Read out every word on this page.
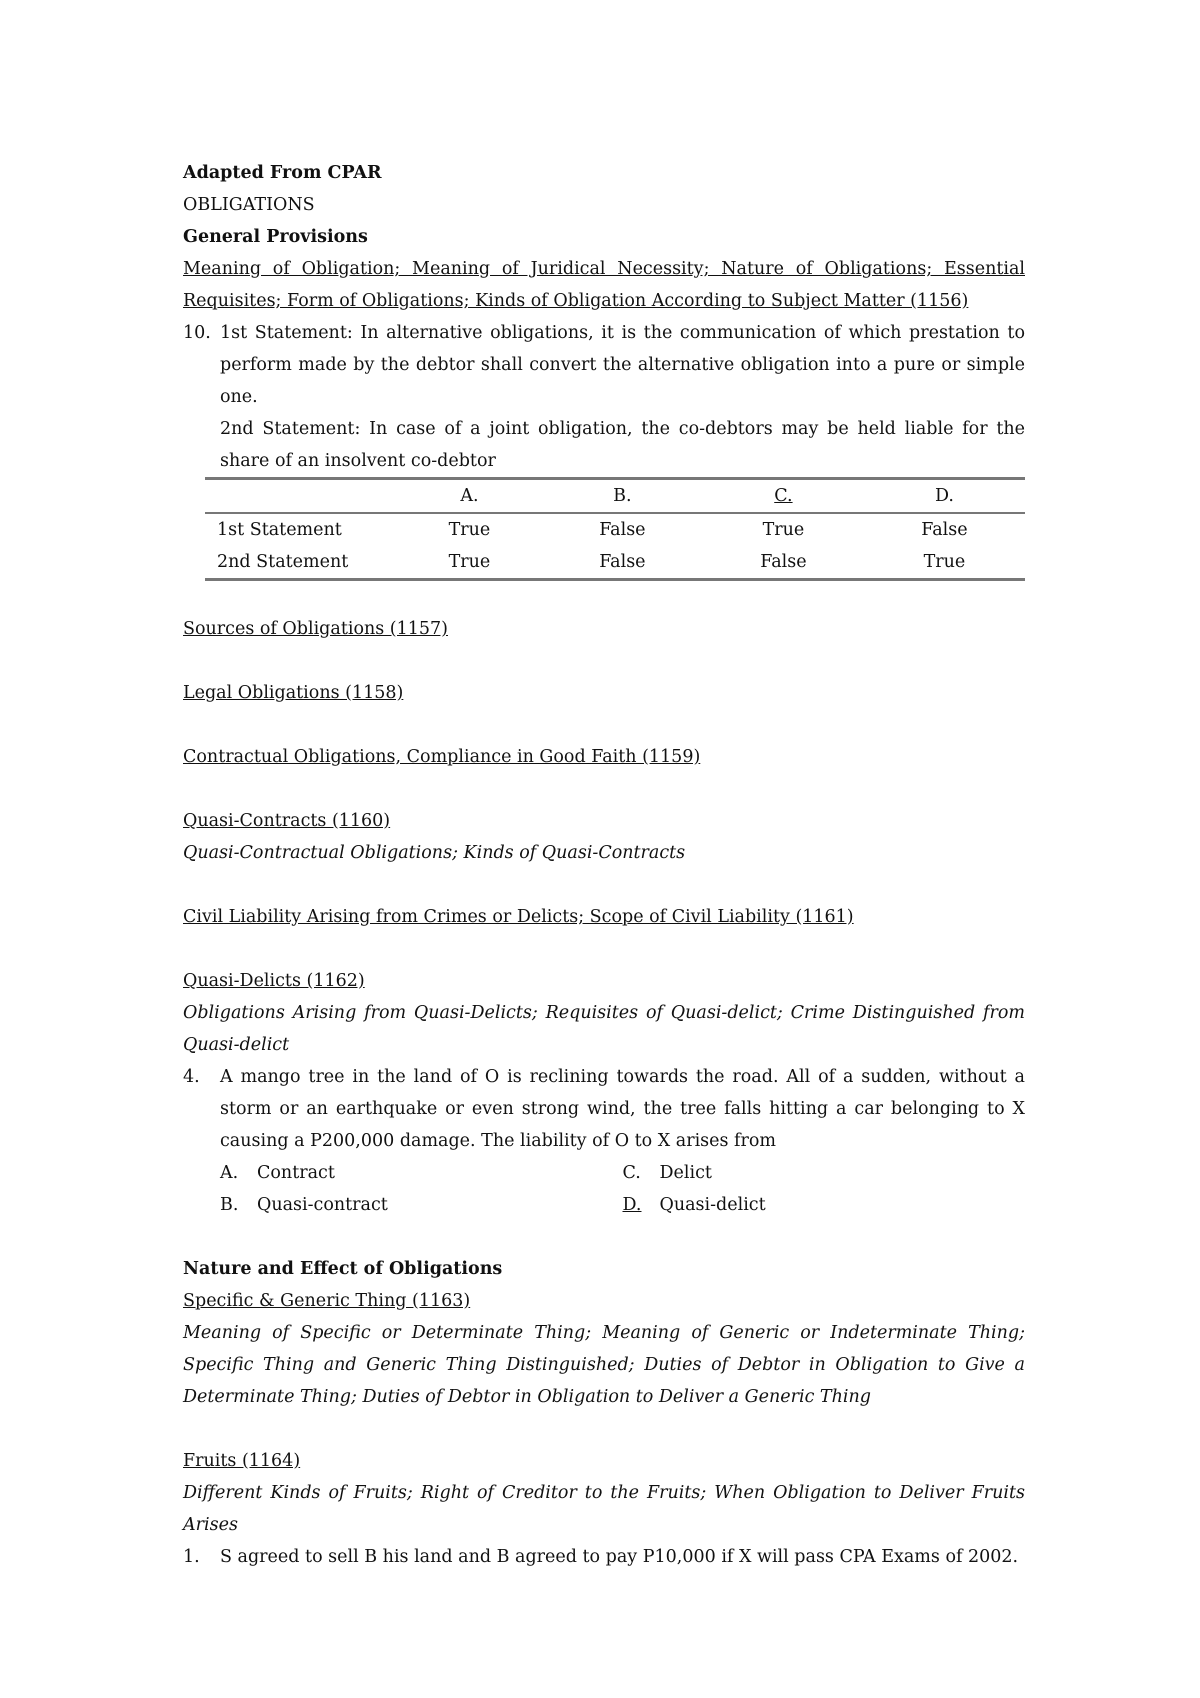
Adapted From CPAR
OBLIGATIONS
General Provisions
Meaning of Obligation; Meaning of Juridical Necessity; Nature of Obligations; Essential Requisites; Form of Obligations; Kinds of Obligation According to Subject Matter (1156)
10. 1st Statement: In alternative obligations, it is the communication of which prestation to perform made by the debtor shall convert the alternative obligation into a pure or simple one.
2nd Statement: In case of a joint obligation, the co-debtors may be held liable for the share of an insolvent co-debtor
	A.	B.	C.	D.
1st Statement	True	False	True	False
2nd Statement	True	False	False	True
Sources of Obligations (1157)
Legal Obligations (1158)
Contractual Obligations, Compliance in Good Faith (1159)
Quasi-Contracts (1160)
Quasi-Contractual Obligations; Kinds of Quasi-Contracts
Civil Liability Arising from Crimes or Delicts; Scope of Civil Liability (1161)
Quasi-Delicts (1162)
Obligations Arising from Quasi-Delicts; Requisites of Quasi-delict; Crime Distinguished from Quasi-delict
4. A mango tree in the land of O is reclining towards the road. All of a sudden, without a storm or an earthquake or even strong wind, the tree falls hitting a car belonging to X causing a P200,000 damage. The liability of O to X arises from
A.	Contract	C.	Delict
B.	Quasi-contract	D.	Quasi-delict
Nature and Effect of Obligations
Specific & Generic Thing (1163)
Meaning of Specific or Determinate Thing; Meaning of Generic or Indeterminate Thing; Specific Thing and Generic Thing Distinguished; Duties of Debtor in Obligation to Give a Determinate Thing; Duties of Debtor in Obligation to Deliver a Generic Thing
Fruits (1164)
Different Kinds of Fruits; Right of Creditor to the Fruits; When Obligation to Deliver Fruits Arises
1. S agreed to sell B his land and B agreed to pay P10,000 if X will pass CPA Exams of 2002.
